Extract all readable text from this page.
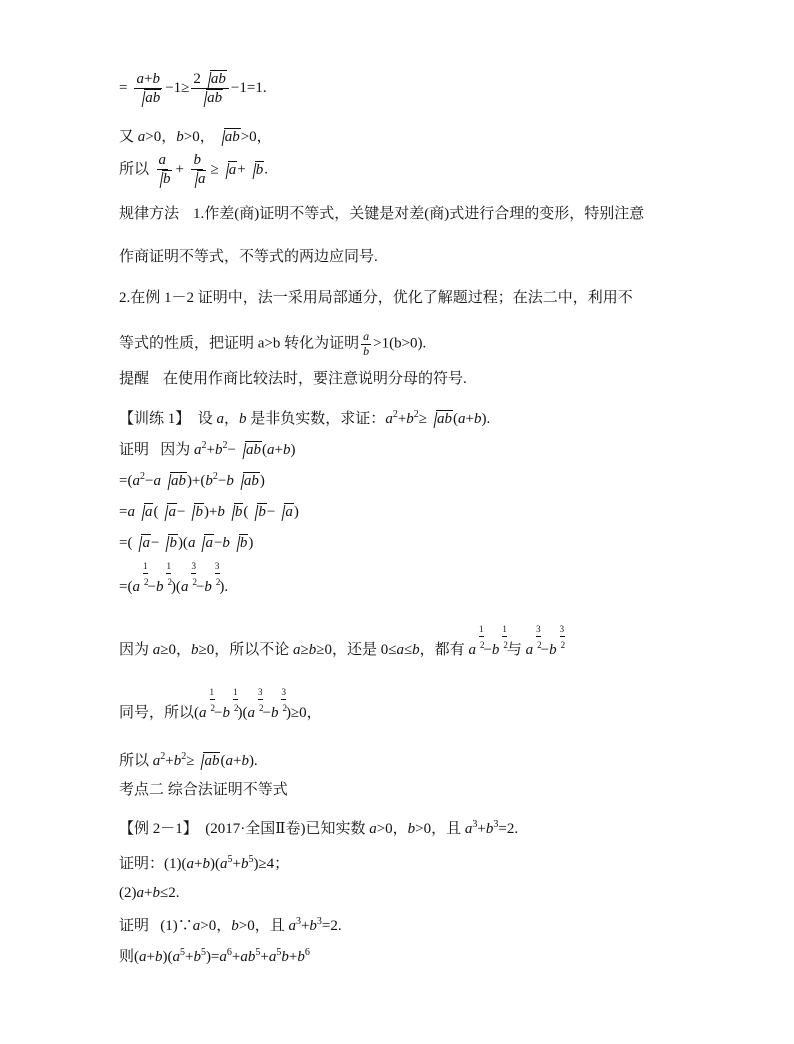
= $\frac{a+b}{ab} -1\ge \frac{2 ab}{ab} -1=1$.
又 a>0，b>0， ab>0，
所以 $\frac{a}{b} + \frac{b}{a} \ge a+ b$.
规律方法 1.作差(商)证明不等式，关键是对差(商)式进行合理的变形，特别注意
作商证明不等式，不等式的两边应同号.
2.在例 1－2 证明中，法一采用局部通分，优化了解题过程；在法二中，利用不
等式的性质，把证明 a>b 转化为证明 $\frac{a}{b} >1(b>0)$.
提醒 在使用作商比较法时，要注意说明分母的符号.
【训练 1】  设 a，b 是非负实数，求证：$a^2+b^2\ge ab(a+b)$.
证明   因为 $a^2+b^2- ab(a+b)$
$=(a^2-a$ $ab)+(b^2-b$ ab)
=a a( a− b)+b b( b− a)
=( a− b)(a a−b b)
$=(a \frac{1}{2} -b \frac{1}{2} )(a \frac{3}{2} -b \frac{3}{2}$ ).
因为 a≥0，b≥0，所以不论 a≥b≥0，还是 0≤a≤b，都有 a $\frac{1}{2} -b \frac{1}{2}$ 与 a $\frac{3}{2} -b \frac{3}{2}$

同号，所以$(a \frac{1}{2} -b \frac{1}{2} )(a \frac{3}{2} -b \frac{3}{2} )\ge 0$，
所以 $a^2+b^2\ge ab(a+b)$.
考点二 综合法证明不等式
【例 2－1】  (2017·全国Ⅱ卷)已知实数 a>0，b>0，且 $a^3+b^3=2$.
证明：$(1)(a+b)(a^5+b^5)\ge 4$；
(2)a+b≤2.
证明   (1)∵a>0，b>0，且 $a^3+b^3=2$.
则$(a+b)(a^5+b^5)=a^6+ab^5+a^5b+b^6$
